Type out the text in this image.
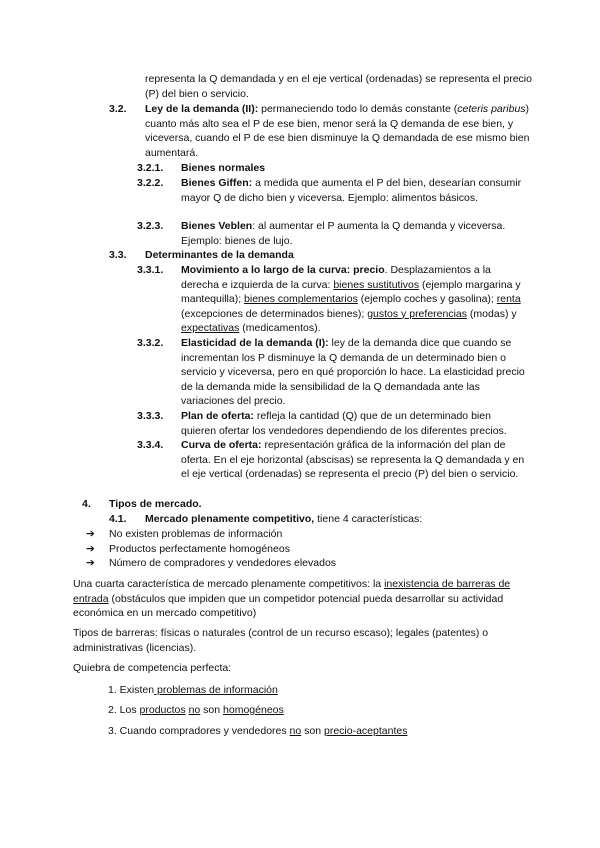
representa la Q demandada y en el eje vertical (ordenadas) se representa el precio (P) del bien o servicio.

3.2. Ley de la demanda (II): permaneciendo todo lo demás constante (ceteris paribus) cuanto más alto sea el P de ese bien, menor será la Q demanda de ese bien, y viceversa, cuando el P de ese bien disminuye la Q demandada de ese mismo bien aumentará.

3.2.1. Bienes normales

3.2.2. Bienes Giffen: a medida que aumenta el P del bien, desearían consumir mayor Q de dicho bien y viceversa. Ejemplo: alimentos básicos.

3.2.3. Bienes Veblen: al aumentar el P aumenta la Q demanda y viceversa. Ejemplo: bienes de lujo.

3.3. Determinantes de la demanda

3.3.1. Movimiento a lo largo de la curva: precio. Desplazamientos a la derecha e izquierda de la curva: bienes sustitutivos (ejemplo margarina y mantequilla); bienes complementarios (ejemplo coches y gasolina); renta (excepciones de determinados bienes); gustos y preferencias (modas) y expectativas (medicamentos).

3.3.2. Elasticidad de la demanda (I): ley de la demanda dice que cuando se incrementan los P disminuye la Q demanda de un determinado bien o servicio y viceversa, pero en qué proporción lo hace. La elasticidad precio de la demanda mide la sensibilidad de la Q demandada ante las variaciones del precio.

3.3.3. Plan de oferta: refleja la cantidad (Q) que de un determinado bien quieren ofertar los vendedores dependiendo de los diferentes precios.

3.3.4. Curva de oferta: representación gráfica de la información del plan de oferta. En el eje horizontal (abscisas) se representa la Q demandada y en el eje vertical (ordenadas) se representa el precio (P) del bien o servicio.

4. Tipos de mercado.

4.1. Mercado plenamente competitivo, tiene 4 características:

➔ No existen problemas de información

➔ Productos perfectamente homogéneos

➔ Número de compradores y vendedores elevados

Una cuarta característica de mercado plenamente competitivos: la inexistencia de barreras de entrada (obstáculos que impiden que un competidor potencial pueda desarrollar su actividad económica en un mercado competitivo)

Tipos de barreras: físicas o naturales (control de un recurso escaso); legales (patentes) o administrativas (licencias).

Quiebra de competencia perfecta:

1. Existen problemas de información

2. Los productos no son homogéneos

3. Cuando compradores y vendedores no son precio-aceptantes
